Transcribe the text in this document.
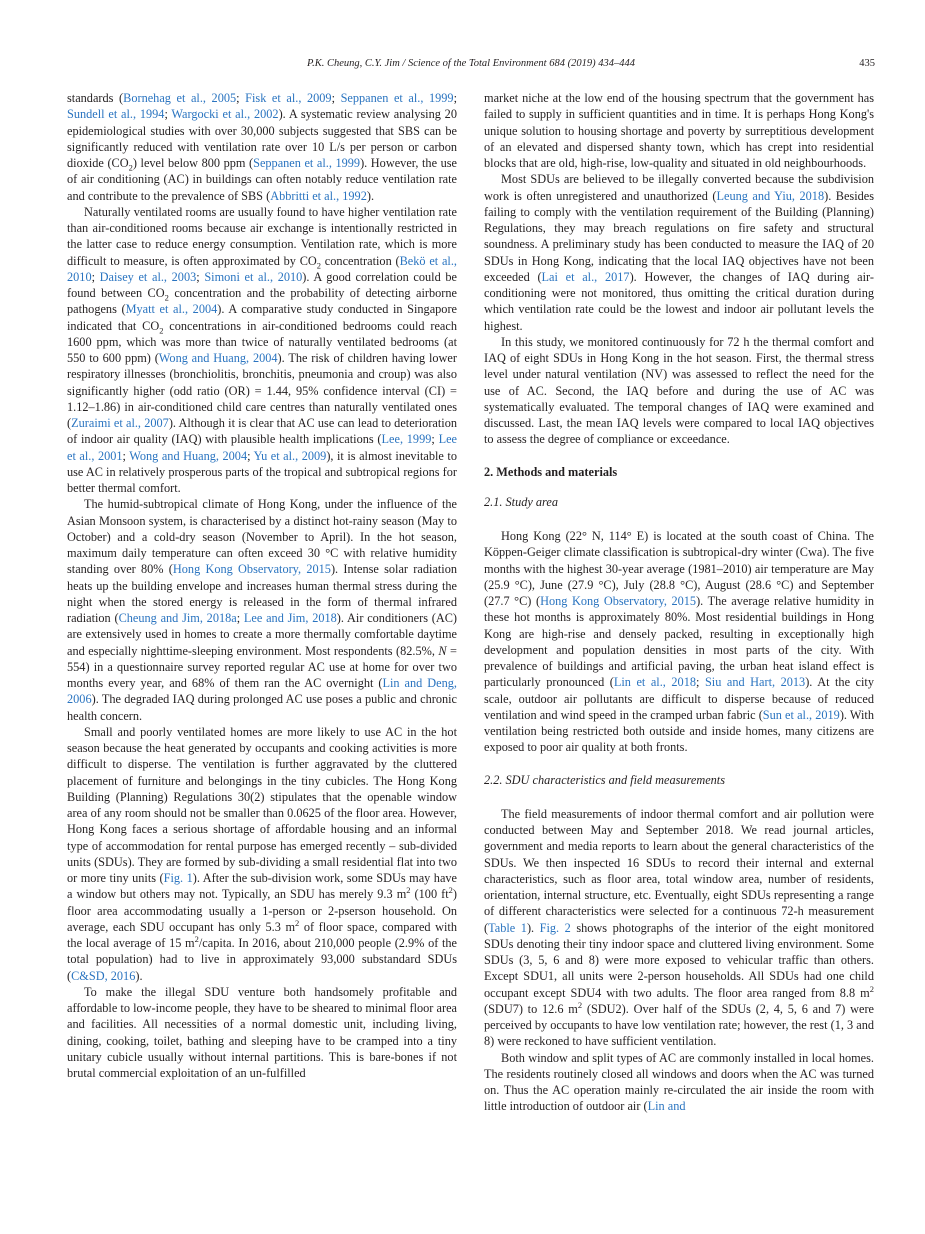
P.K. Cheung, C.Y. Jim / Science of the Total Environment 684 (2019) 434–444	435

standards (Bornehag et al., 2005; Fisk et al., 2009; Seppanen et al., 1999; Sundell et al., 1994; Wargocki et al., 2002). A systematic review analysing 20 epidemiological studies with over 30,000 subjects suggested that SBS can be significantly reduced with ventilation rate over 10 L/s per person or carbon dioxide $(CO_2)$ level below 800 ppm (Seppanen et al., 1999). However, the use of air conditioning (AC) in buildings can often notably reduce ventilation rate and contribute to the prevalence of SBS (Abbritti et al., 1992).

Naturally ventilated rooms are usually found to have higher ventilation rate than air-conditioned rooms because air exchange is intentionally restricted in the latter case to reduce energy consumption. Ventilation rate, which is more difficult to measure, is often approximated by $CO_2$ concentration (Bekö et al., 2010; Daisey et al., 2003; Simoni et al., 2010). A good correlation could be found between $CO_2$ concentration and the probability of detecting airborne pathogens (Myatt et al., 2004). A comparative study conducted in Singapore indicated that $CO_2$ concentrations in air-conditioned bedrooms could reach 1600 ppm, which was more than twice of naturally ventilated bedrooms (at 550 to 600 ppm) (Wong and Huang, 2004). The risk of children having lower respiratory illnesses (bronchiolitis, bronchitis, pneumonia and croup) was also significantly higher (odd ratio (OR) = 1.44, 95% confidence interval (CI) = 1.12–1.86) in air-conditioned child care centres than naturally ventilated ones (Zuraimi et al., 2007). Although it is clear that AC use can lead to deterioration of indoor air quality (IAQ) with plausible health implications (Lee, 1999; Lee et al., 2001; Wong and Huang, 2004; Yu et al., 2009), it is almost inevitable to use AC in relatively prosperous parts of the tropical and subtropical regions for better thermal comfort.

The humid-subtropical climate of Hong Kong, under the influence of the Asian Monsoon system, is characterised by a distinct hot-rainy season (May to October) and a cold-dry season (November to April). In the hot season, maximum daily temperature can often exceed 30 °C with relative humidity standing over 80% (Hong Kong Observatory, 2015). Intense solar radiation heats up the building envelope and increases human thermal stress during the night when the stored energy is released in the form of thermal infrared radiation (Cheung and Jim, 2018a; Lee and Jim, 2018). Air conditioners (AC) are extensively used in homes to create a more thermally comfortable daytime and especially nighttime-sleeping environment. Most respondents (82.5%, N = 554) in a questionnaire survey reported regular AC use at home for over two months every year, and 68% of them ran the AC overnight (Lin and Deng, 2006). The degraded IAQ during prolonged AC use poses a public and chronic health concern.

Small and poorly ventilated homes are more likely to use AC in the hot season because the heat generated by occupants and cooking activities is more difficult to disperse. The ventilation is further aggravated by the cluttered placement of furniture and belongings in the tiny cubicles. The Hong Kong Building (Planning) Regulations 30(2) stipulates that the openable window area of any room should not be smaller than 0.0625 of the floor area. However, Hong Kong faces a serious shortage of affordable housing and an informal type of accommodation for rental purpose has emerged recently – sub-divided units (SDUs). They are formed by sub-dividing a small residential flat into two or more tiny units (Fig. 1). After the sub-division work, some SDUs may have a window but others may not. Typically, an SDU has merely 9.3 $m^2$ (100 $ft^2$) floor area accommodating usually a 1-person or 2-pserson household. On average, each SDU occupant has only 5.3 $m^2$ of floor space, compared with the local average of 15 $m^2$/capita. In 2016, about 210,000 people (2.9% of the total population) had to live in approximately 93,000 substandard SDUs (C&SD, 2016).

To make the illegal SDU venture both handsomely profitable and affordable to low-income people, they have to be sheared to minimal floor area and facilities. All necessities of a normal domestic unit, including living, dining, cooking, toilet, bathing and sleeping have to be cramped into a tiny unitary cubicle usually without internal partitions. This is bare-bones if not brutal commercial exploitation of an un-fulfilled

market niche at the low end of the housing spectrum that the government has failed to supply in sufficient quantities and in time. It is perhaps Hong Kong's unique solution to housing shortage and poverty by surreptitious development of an elevated and dispersed shanty town, which has crept into residential blocks that are old, high-rise, low-quality and situated in old neighbourhoods.

Most SDUs are believed to be illegally converted because the subdivision work is often unregistered and unauthorized (Leung and Yiu, 2018). Besides failing to comply with the ventilation requirement of the Building (Planning) Regulations, they may breach regulations on fire safety and structural soundness. A preliminary study has been conducted to measure the IAQ of 20 SDUs in Hong Kong, indicating that the local IAQ objectives have not been exceeded (Lai et al., 2017). However, the changes of IAQ during air-conditioning were not monitored, thus omitting the critical duration during which ventilation rate could be the lowest and indoor air pollutant levels the highest.

In this study, we monitored continuously for 72 h the thermal comfort and IAQ of eight SDUs in Hong Kong in the hot season. First, the thermal stress level under natural ventilation (NV) was assessed to reflect the need for the use of AC. Second, the IAQ before and during the use of AC was systematically evaluated. The temporal changes of IAQ were examined and discussed. Last, the mean IAQ levels were compared to local IAQ objectives to assess the degree of compliance or exceedance.

2. Methods and materials
2.1. Study area

Hong Kong (22° N, 114° E) is located at the south coast of China. The Köppen-Geiger climate classification is subtropical-dry winter (Cwa). The five months with the highest 30-year average (1981–2010) air temperature are May (25.9 °C), June (27.9 °C), July (28.8 °C), August (28.6 °C) and September (27.7 °C) (Hong Kong Observatory, 2015). The average relative humidity in these hot months is approximately 80%. Most residential buildings in Hong Kong are high-rise and densely packed, resulting in exceptionally high development and population densities in most parts of the city. With prevalence of buildings and artificial paving, the urban heat island effect is particularly pronounced (Lin et al., 2018; Siu and Hart, 2013). At the city scale, outdoor air pollutants are difficult to disperse because of reduced ventilation and wind speed in the cramped urban fabric (Sun et al., 2019). With ventilation being restricted both outside and inside homes, many citizens are exposed to poor air quality at both fronts.

2.2. SDU characteristics and field measurements

The field measurements of indoor thermal comfort and air pollution were conducted between May and September 2018. We read journal articles, government and media reports to learn about the general characteristics of the SDUs. We then inspected 16 SDUs to record their internal and external characteristics, such as floor area, total window area, number of residents, orientation, internal structure, etc. Eventually, eight SDUs representing a range of different characteristics were selected for a continuous 72-h measurement (Table 1). Fig. 2 shows photographs of the interior of the eight monitored SDUs denoting their tiny indoor space and cluttered living environment. Some SDUs (3, 5, 6 and 8) were more exposed to vehicular traffic than others. Except SDU1, all units were 2-person households. All SDUs had one child occupant except SDU4 with two adults. The floor area ranged from 8.8 $m^2$ (SDU7) to 12.6 $m^2$ (SDU2). Over half of the SDUs (2, 4, 5, 6 and 7) were perceived by occupants to have low ventilation rate; however, the rest (1, 3 and 8) were reckoned to have sufficient ventilation.

Both window and split types of AC are commonly installed in local homes. The residents routinely closed all windows and doors when the AC was turned on. Thus the AC operation mainly re-circulated the air inside the room with little introduction of outdoor air (Lin and
